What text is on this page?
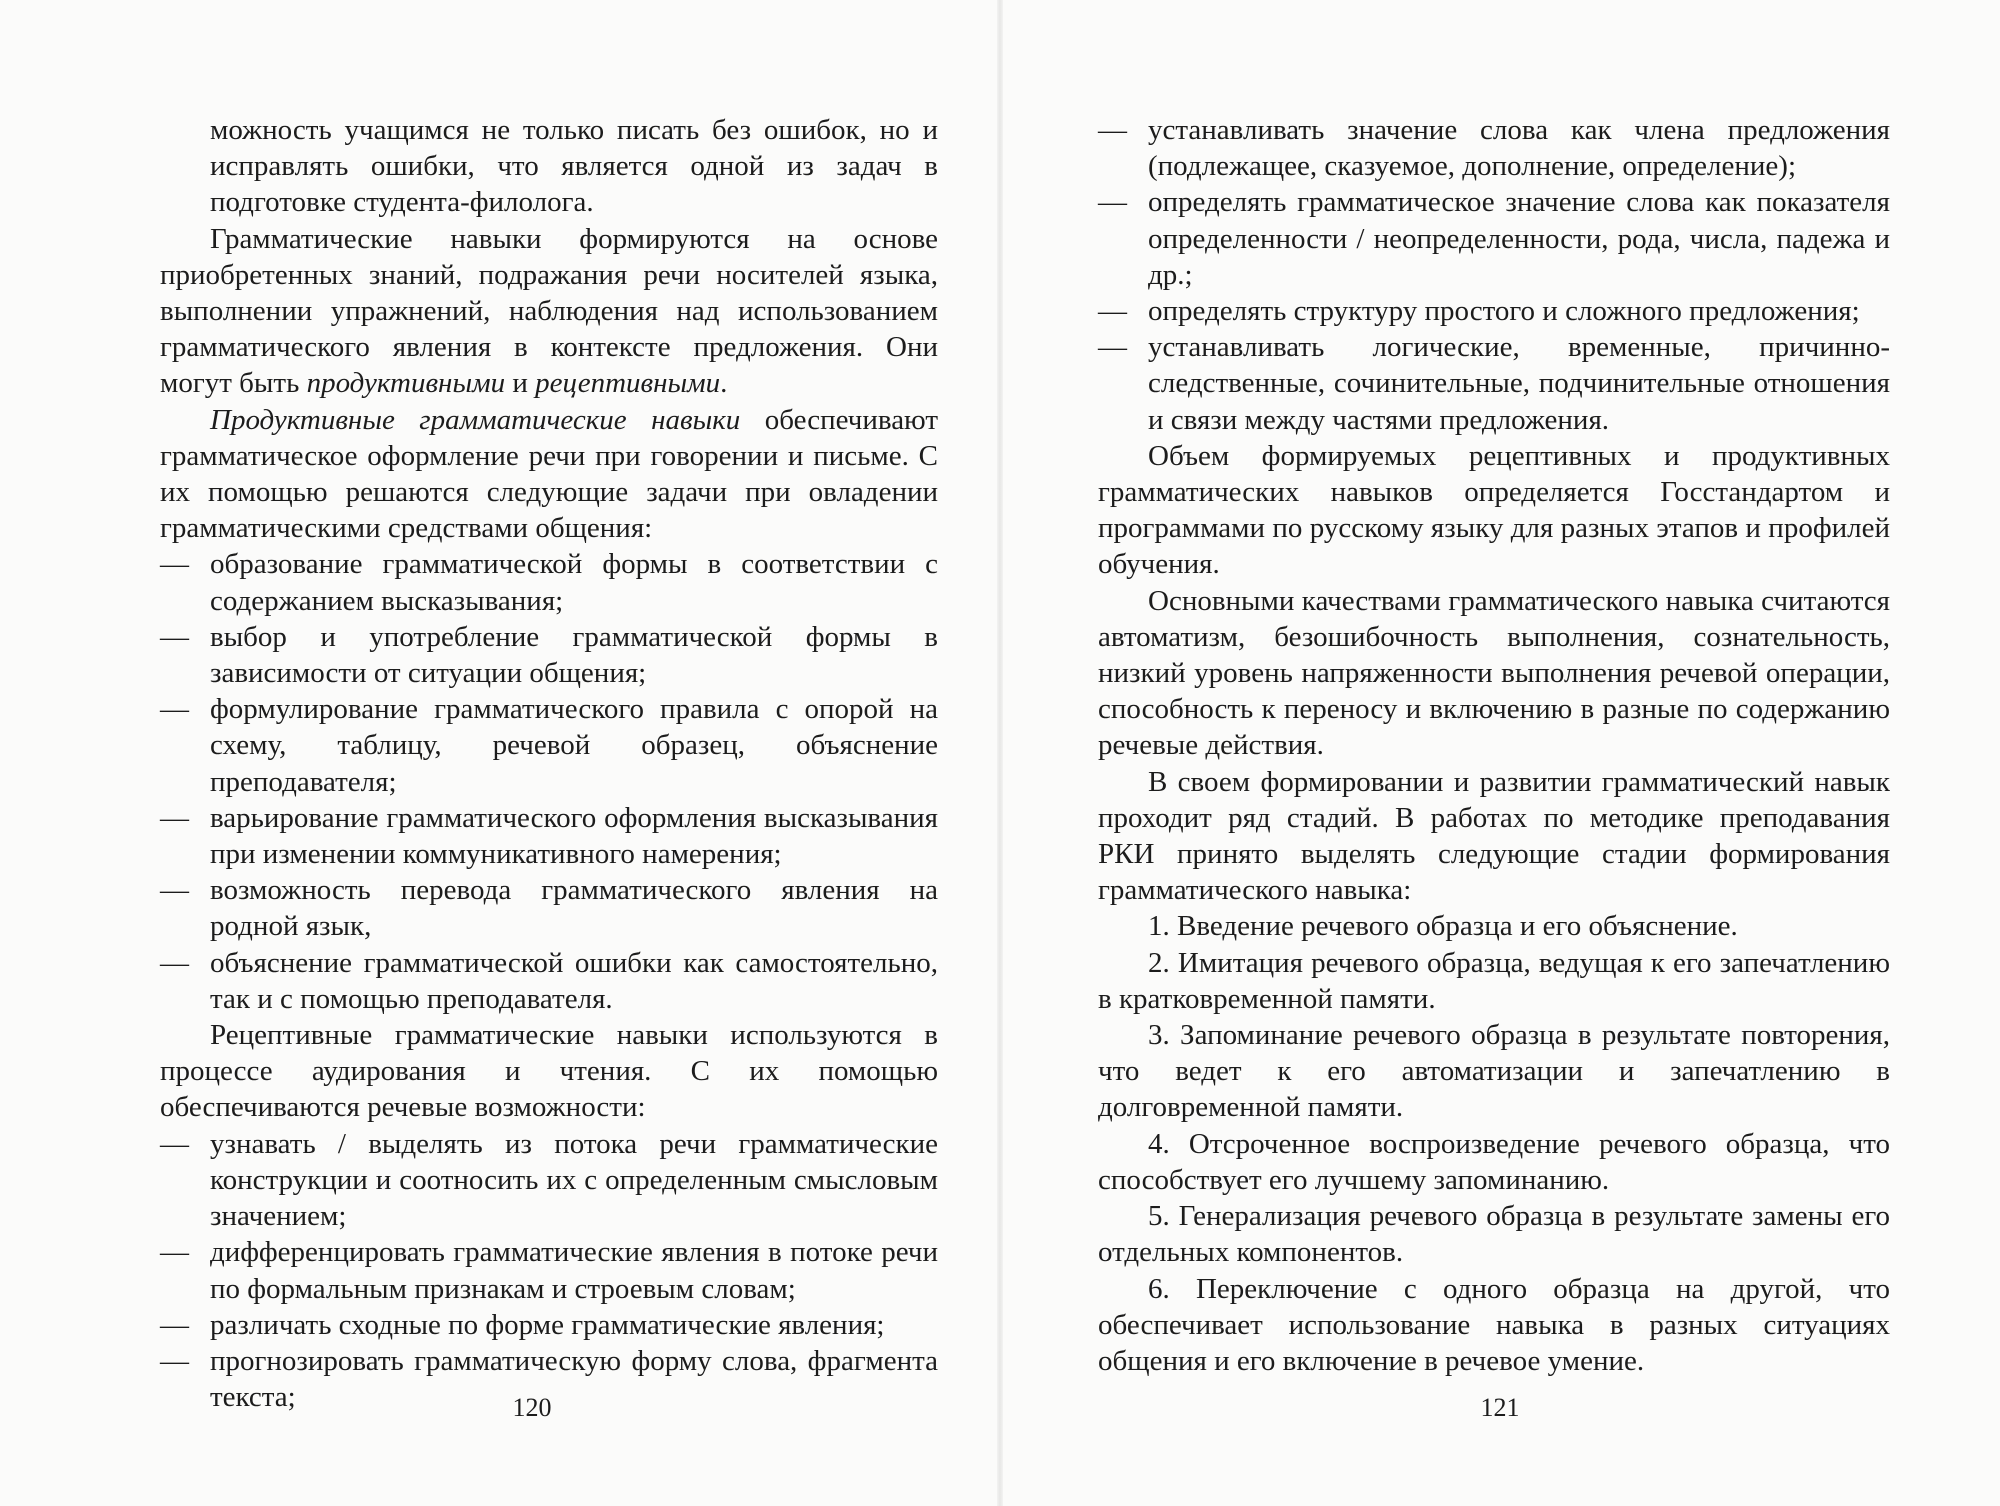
можность учащимся не только писать без ошибок, но и исправлять ошибки, что является одной из задач в подготовке студента-филолога.

Грамматические навыки формируются на основе приобретенных знаний, подражания речи носителей языка, выполнении упражнений, наблюдения над использованием грамматического явления в контексте предложения. Они могут быть продуктивными и рецептивными.

Продуктивные грамматические навыки обеспечивают грамматическое оформление речи при говорении и письме. С их помощью решаются следующие задачи при овладении грамматическими средствами общения:

— образование грамматической формы в соответствии с содержанием высказывания;

— выбор и употребление грамматической формы в зависимости от ситуации общения;

— формулирование грамматического правила с опорой на схему, таблицу, речевой образец, объяснение преподавателя;

— варьирование грамматического оформления высказывания при изменении коммуникативного намерения;

— возможность перевода грамматического явления на родной язык,

— объяснение грамматической ошибки как самостоятельно, так и с помощью преподавателя.

Рецептивные грамматические навыки используются в процессе аудирования и чтения. С их помощью обеспечиваются речевые возможности:

— узнавать / выделять из потока речи грамматические конструкции и соотносить их с определенным смысловым значением;

— дифференцировать грамматические явления в потоке речи по формальным признакам и строевым словам;

— различать сходные по форме грамматические явления;

— прогнозировать грамматическую форму слова, фрагмента текста;	120

— устанавливать значение слова как члена предложения (подлежащее, сказуемое, дополнение, определение);

— определять грамматическое значение слова как показателя определенности / неопределенности, рода, числа, падежа и др.;

— определять структуру простого и сложного предложения;

— устанавливать логические, временные, причинно-следственные, сочинительные, подчинительные отношения и связи между частями предложения.

Объем формируемых рецептивных и продуктивных грамматических навыков определяется Госстандартом и программами по русскому языку для разных этапов и профилей обучения.

Основными качествами грамматического навыка считаются автоматизм, безошибочность выполнения, сознательность, низкий уровень напряженности выполнения речевой операции, способность к переносу и включению в разные по содержанию речевые действия.

В своем формировании и развитии грамматический навык проходит ряд стадий. В работах по методике преподавания РКИ принято выделять следующие стадии формирования грамматического навыка:

1. Введение речевого образца и его объяснение.

2. Имитация речевого образца, ведущая к его запечатлению в кратковременной памяти.

3. Запоминание речевого образца в результате повторения, что ведет к его автоматизации и запечатлению в долговременной памяти.

4. Отсроченное воспроизведение речевого образца, что способствует его лучшему запоминанию.

5. Генерализация речевого образца в результате замены его отдельных компонентов.

6. Переключение с одного образца на другой, что обеспечивает использование навыка в разных ситуациях общения и его включение в речевое умение.

121
